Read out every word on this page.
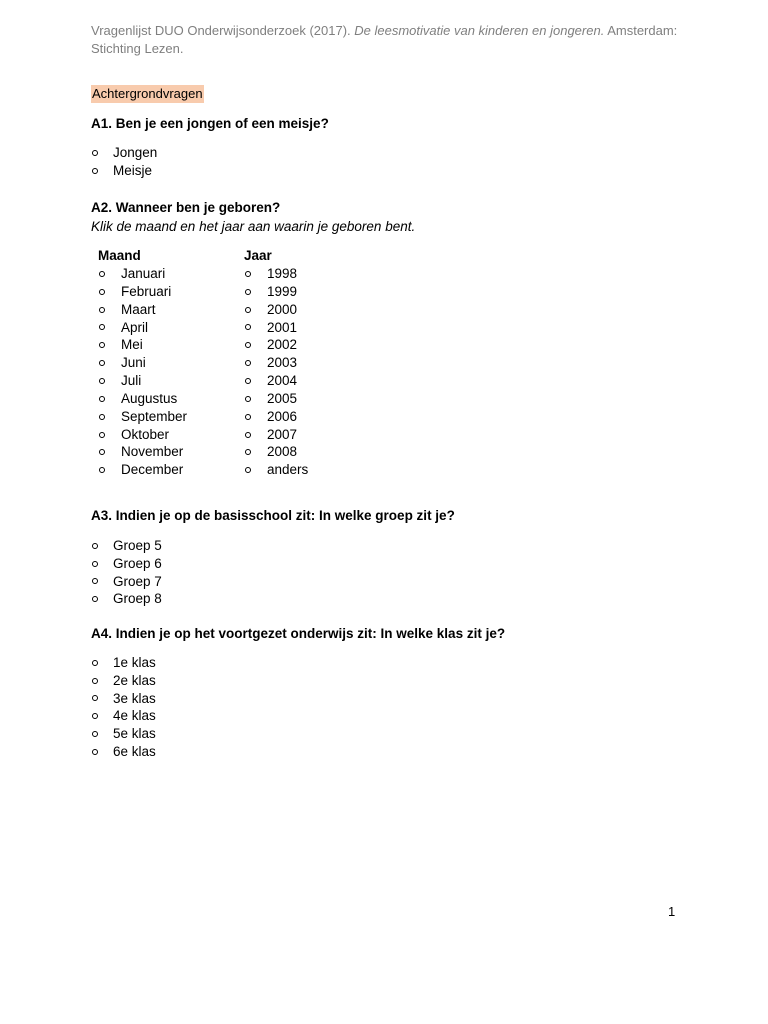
Vragenlijst DUO Onderwijsonderzoek (2017). De leesmotivatie van kinderen en jongeren. Amsterdam: Stichting Lezen.
Achtergrondvragen
A1. Ben je een jongen of een meisje?
Jongen
Meisje
A2. Wanneer ben je geboren?
Klik de maand en het jaar aan waarin je geboren bent.
Maand
Januari
Februari
Maart
April
Mei
Juni
Juli
Augustus
September
Oktober
November
December
Jaar
1998
1999
2000
2001
2002
2003
2004
2005
2006
2007
2008
anders
A3. Indien je op de basisschool zit: In welke groep zit je?
Groep 5
Groep 6
Groep 7
Groep 8
A4. Indien je op het voortgezet onderwijs zit: In welke klas zit je?
1e klas
2e klas
3e klas
4e klas
5e klas
6e klas
1
